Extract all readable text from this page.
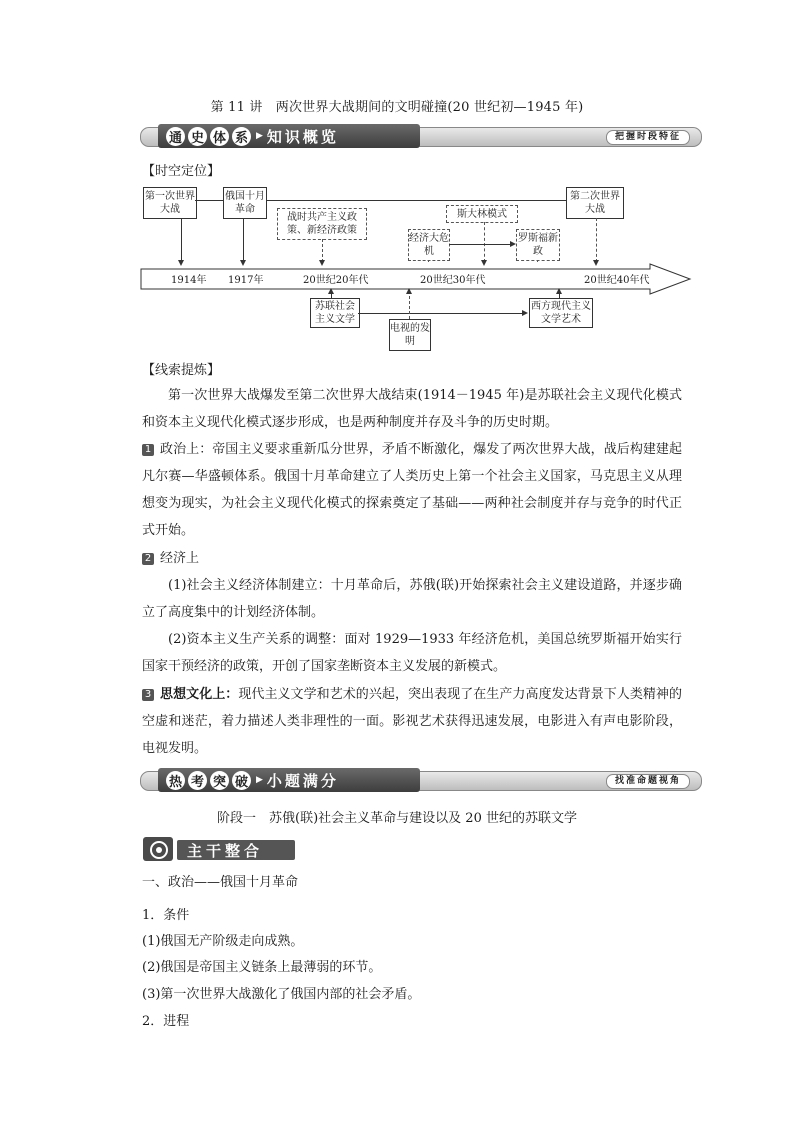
第 11 讲　两次世界大战期间的文明碰撞(20 世纪初—1945 年)
通 史 体 系 ▶ 知识概览	把握时段特征
【时空定位】
1914年 1917年	20世纪20年代	20世纪30年代	20世纪40年代
第一次世界大战
俄国十月革命
第二次世界大战
战时共产主义政策、新经济政策
斯大林模式
经济大危机
罗斯福新政
苏联社会主义文学
电视的发明
西方现代主义文学艺术
【线索提炼】
第一次世界大战爆发至第二次世界大战结束(1914－1945 年)是苏联社会主义现代化模式和资本主义现代化模式逐步形成，也是两种制度并存及斗争的历史时期。
1 政治上：帝国主义要求重新瓜分世界，矛盾不断激化，爆发了两次世界大战，战后构建建起凡尔赛—华盛顿体系。俄国十月革命建立了人类历史上第一个社会主义国家，马克思主义从理想变为现实，为社会主义现代化模式的探索奠定了基础——两种社会制度并存与竞争的时代正式开始。
2 经济上
(1)社会主义经济体制建立：十月革命后，苏俄(联)开始探索社会主义建设道路，并逐步确立了高度集中的计划经济体制。
(2)资本主义生产关系的调整：面对 1929—1933 年经济危机，美国总统罗斯福开始实行国家干预经济的政策，开创了国家垄断资本主义发展的新模式。
3 思想文化上：现代主义文学和艺术的兴起，突出表现了在生产力高度发达背景下人类精神的空虚和迷茫，着力描述人类非理性的一面。影视艺术获得迅速发展，电影进入有声电影阶段，电视发明。
热 考 突 破 ▶ 小题满分	找准命题视角
阶段一　苏俄(联)社会主义革命与建设以及 20 世纪的苏联文学
主干整合
一、政治——俄国十月革命
1．条件
(1)俄国无产阶级走向成熟。
(2)俄国是帝国主义链条上最薄弱的环节。
(3)第一次世界大战激化了俄国内部的社会矛盾。
2．进程
